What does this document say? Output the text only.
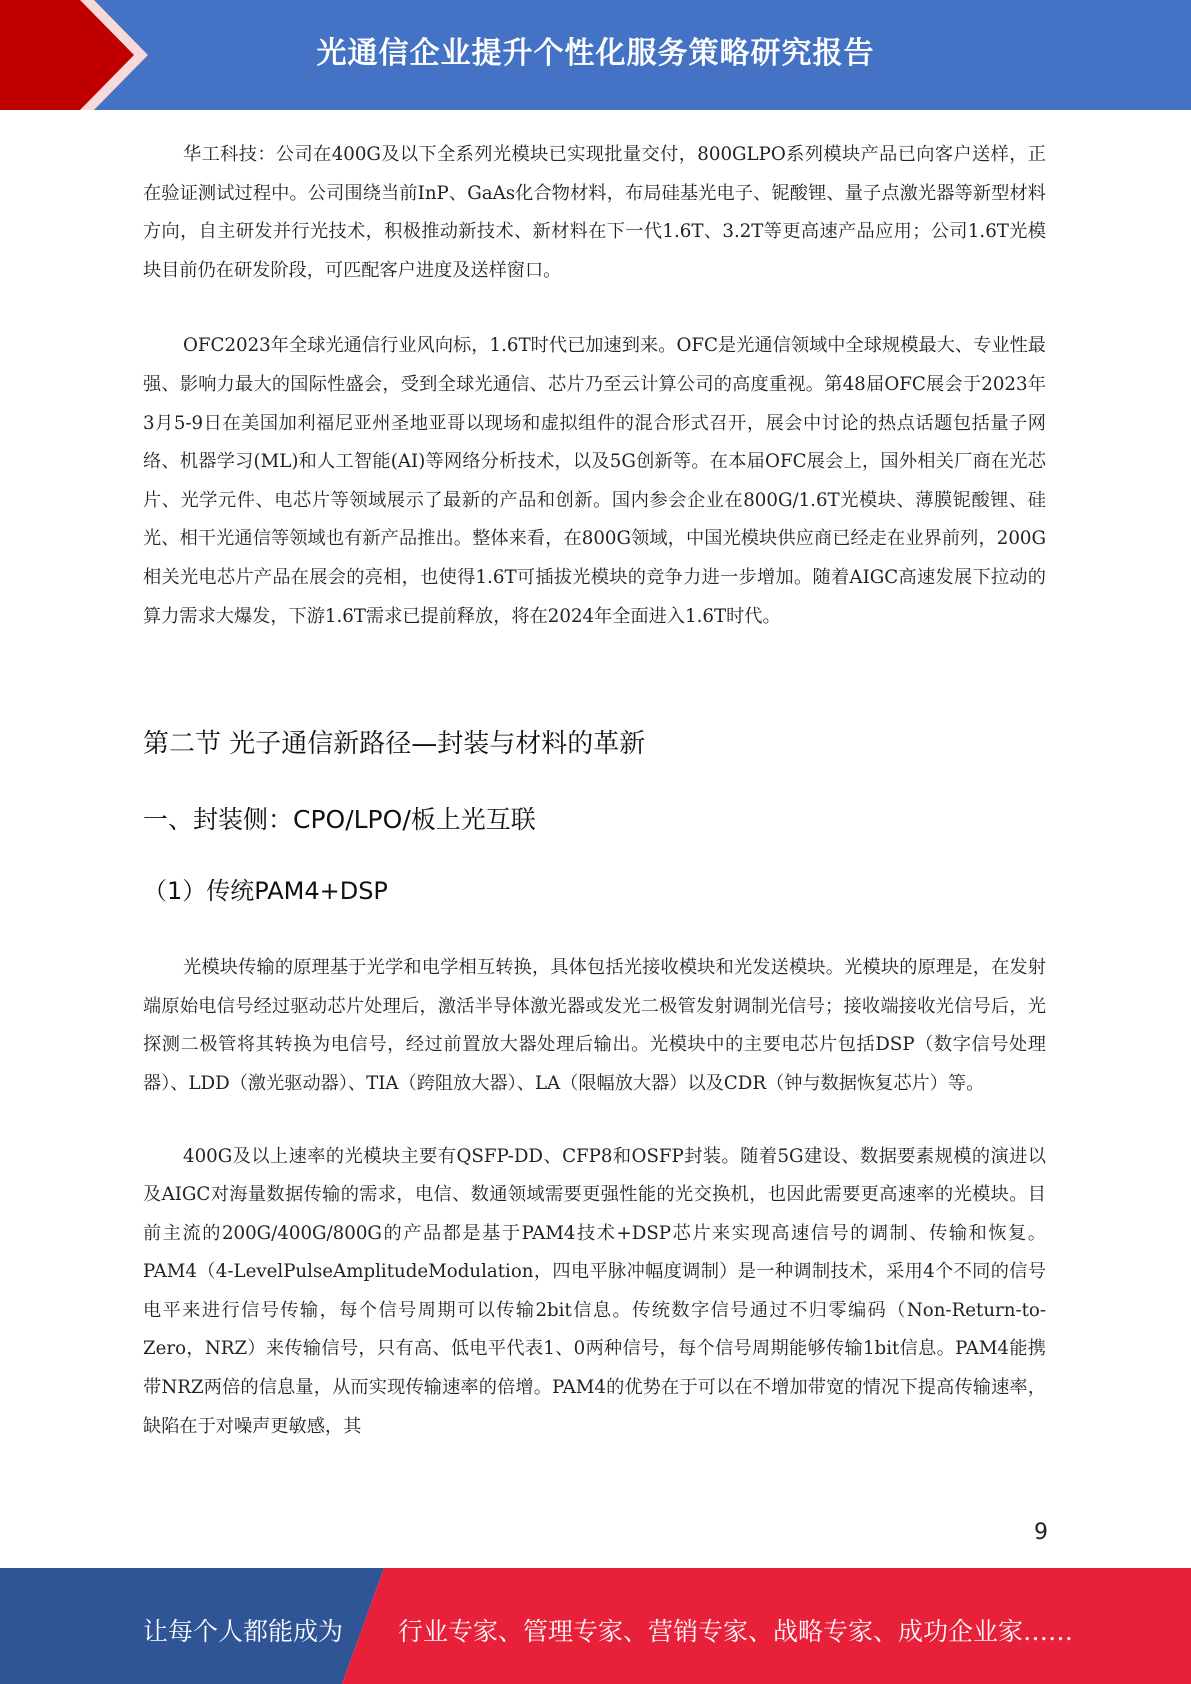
光通信企业提升个性化服务策略研究报告

华工科技：公司在400G及以下全系列光模块已实现批量交付，800GLPO系列模块产品已向客户送样，正在验证测试过程中。公司围绕当前InP、GaAs化合物材料，布局硅基光电子、铌酸锂、量子点激光器等新型材料方向，自主研发并行光技术，积极推动新技术、新材料在下一代1.6T、3.2T等更高速产品应用；公司1.6T光模块目前仍在研发阶段，可匹配客户进度及送样窗口。

OFC2023年全球光通信行业风向标，1.6T时代已加速到来。OFC是光通信领域中全球规模最大、专业性最强、影响力最大的国际性盛会，受到全球光通信、芯片乃至云计算公司的高度重视。第48届OFC展会于2023年3月5-9日在美国加利福尼亚州圣地亚哥以现场和虚拟组件的混合形式召开，展会中讨论的热点话题包括量子网络、机器学习(ML)和人工智能(AI)等网络分析技术，以及5G创新等。在本届OFC展会上，国外相关厂商在光芯片、光学元件、电芯片等领域展示了最新的产品和创新。国内参会企业在800G/1.6T光模块、薄膜铌酸锂、硅光、相干光通信等领域也有新产品推出。整体来看，在800G领域，中国光模块供应商已经走在业界前列，200G相关光电芯片产品在展会的亮相，也使得1.6T可插拔光模块的竞争力进一步增加。随着AIGC高速发展下拉动的算力需求大爆发，下游1.6T需求已提前释放，将在2024年全面进入1.6T时代。

第二节 光子通信新路径—封装与材料的革新
一、封装侧：CPO/LPO/板上光互联
（1）传统PAM4+DSP

光模块传输的原理基于光学和电学相互转换，具体包括光接收模块和光发送模块。光模块的原理是，在发射端原始电信号经过驱动芯片处理后，激活半导体激光器或发光二极管发射调制光信号；接收端接收光信号后，光探测二极管将其转换为电信号，经过前置放大器处理后输出。光模块中的主要电芯片包括DSP（数字信号处理器）、LDD（激光驱动器）、TIA（跨阻放大器）、LA（限幅放大器）以及CDR（钟与数据恢复芯片）等。

400G及以上速率的光模块主要有QSFP-DD、CFP8和OSFP封装。随着5G建设、数据要素规模的演进以及AIGC对海量数据传输的需求，电信、数通领域需要更强性能的光交换机，也因此需要更高速率的光模块。目前主流的200G/400G/800G的产品都是基于PAM4技术+DSP芯片来实现高速信号的调制、传输和恢复。PAM4（4-LevelPulseAmplitudeModulation，四电平脉冲幅度调制）是一种调制技术，采用4个不同的信号电平来进行信号传输，每个信号周期可以传输2bit信息。传统数字信号通过不归零编码（Non-Return-to-Zero，NRZ）来传输信号，只有高、低电平代表1、0两种信号，每个信号周期能够传输1bit信息。PAM4能携带NRZ两倍的信息量，从而实现传输速率的倍增。PAM4的优势在于可以在不增加带宽的情况下提高传输速率，缺陷在于对噪声更敏感，其

9
让每个人都能成为 行业专家、管理专家、营销专家、战略专家、成功企业家……
